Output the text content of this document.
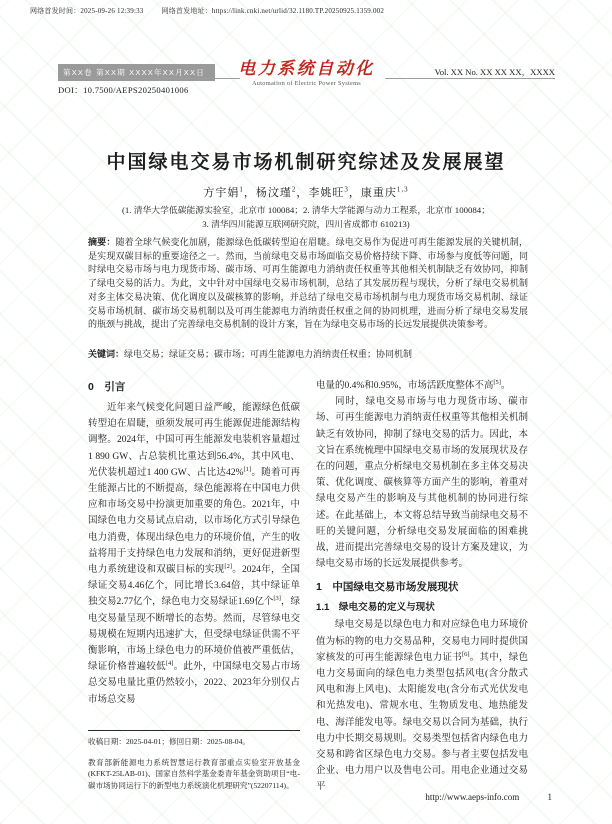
网络首发时间：2025-09-26 12:39:33	网络首发地址：https://link.cnki.net/urlid/32.1180.TP.20250925.1359.002
第XX卷 第XX期 XXXX年XX月XX日
DOI：10.7500/AEPS20250401006
电力系统自动化
Automation of Electric Power Systems
Vol. XX No. XX XX XX，XXXX
中国绿电交易市场机制研究综述及发展展望
方宇娟$^1$，杨汶瑾$^2$，李姚旺$^3$，康重庆$^{1,3}$
(1. 清华大学低碳能源实验室，北京市 100084；2. 清华大学能源与动力工程系，北京市 100084；
3. 清华四川能源互联网研究院，四川省成都市 610213)
摘要：随着全球气候变化加剧，能源绿色低碳转型迫在眉睫。绿电交易作为促进可再生能源发展的关键机制，是实现双碳目标的重要途径之一。然而，当前绿电交易市场面临交易价格持续下降、市场参与度低等问题，同时绿电交易市场与电力现货市场、碳市场、可再生能源电力消纳责任权重等其他相关机制缺乏有效协同，抑制了绿电交易的活力。为此，文中针对中国绿电交易市场机制，总结了其发展历程与现状，分析了绿电交易机制对多主体交易决策、优化调度以及碳核算的影响，并总结了绿电交易市场机制与电力现货市场交易机制、绿证交易市场机制、碳市场交易机制以及可再生能源电力消纳责任权重之间的协同机理，进而分析了绿电交易发展的瓶颈与挑战，提出了完善绿电交易机制的设计方案，旨在为绿电交易市场的长远发展提供决策参考。
关键词：绿电交易；绿证交易；碳市场；可再生能源电力消纳责任权重；协同机制
0　引言

近年来气候变化问题日益严峻，能源绿色低碳转型迫在眉睫，亟须发展可再生能源促进能源结构调整。2024年，中国可再生能源发电装机容量超过1 890 GW、占总装机比重达到56.4%，其中风电、光伏装机超过1 400 GW、占比达42%[1]。随着可再生能源占比的不断提高，绿色能源将在中国电力供应和市场交易中扮演更加重要的角色。2021年，中国绿色电力交易试点启动，以市场化方式引导绿色电力消费，体现出绿色电力的环境价值，产生的收益将用于支持绿色电力发展和消纳，更好促进新型电力系统建设和双碳目标的实现[2]。2024年，全国绿证交易4.46亿个，同比增长3.64倍，其中绿证单独交易2.77亿个，绿色电力交易绿证1.69亿个[3]，绿电交易量呈现不断增长的态势。然而，尽管绿电交易规模在短期内迅速扩大，但受绿电绿证供需不平衡影响，市场上绿色电力的环境价值被严重低估，绿证价格普遍较低[4]。此外，中国绿电交易占市场总交易电量比重仍然较小，2022、2023年分别仅占市场总交易

收稿日期：2025-04-01；修回日期：2025-08-04。

教育部新能源电力系统智慧运行教育部重点实验室开放基金(KFKT-25LAB-01)、国家自然科学基金委青年基金资助项目“电-碳市场协同运行下的新型电力系统演化机理研究”(52207114)。

电量的0.4%和0.95%，市场活跃度整体不高[5]。

同时，绿电交易市场与电力现货市场、碳市场、可再生能源电力消纳责任权重等其他相关机制缺乏有效协同，抑制了绿电交易的活力。因此，本文旨在系统梳理中国绿电交易市场的发展现状及存在的问题，重点分析绿电交易机制在多主体交易决策、优化调度、碳核算等方面产生的影响，着重对绿电交易产生的影响及与其他机制的协同进行综述。在此基础上，本文将总结导致当前绿电交易不旺的关键问题，分析绿电交易发展面临的困难挑战，进而提出完善绿电交易的设计方案及建议，为绿电交易市场的长远发展提供参考。

1　中国绿电交易市场发展现状
1.1　绿电交易的定义与现状

绿电交易是以绿色电力和对应绿色电力环境价值为标的物的电力交易品种，交易电力同时提供国家核发的可再生能源绿色电力证书[6]。其中，绿色电力交易面向的绿色电力类型包括风电(含分散式风电和海上风电)、太阳能发电(含分布式光伏发电和光热发电)、常规水电、生物质发电、地热能发电、海洋能发电等。绿电交易以合同为基础，执行电力中长期交易规则。交易类型包括省内绿色电力交易和跨省区绿色电力交易。参与者主要包括发电企业、电力用户以及售电公司。用电企业通过交易平

http://www.aeps-info.com	1
